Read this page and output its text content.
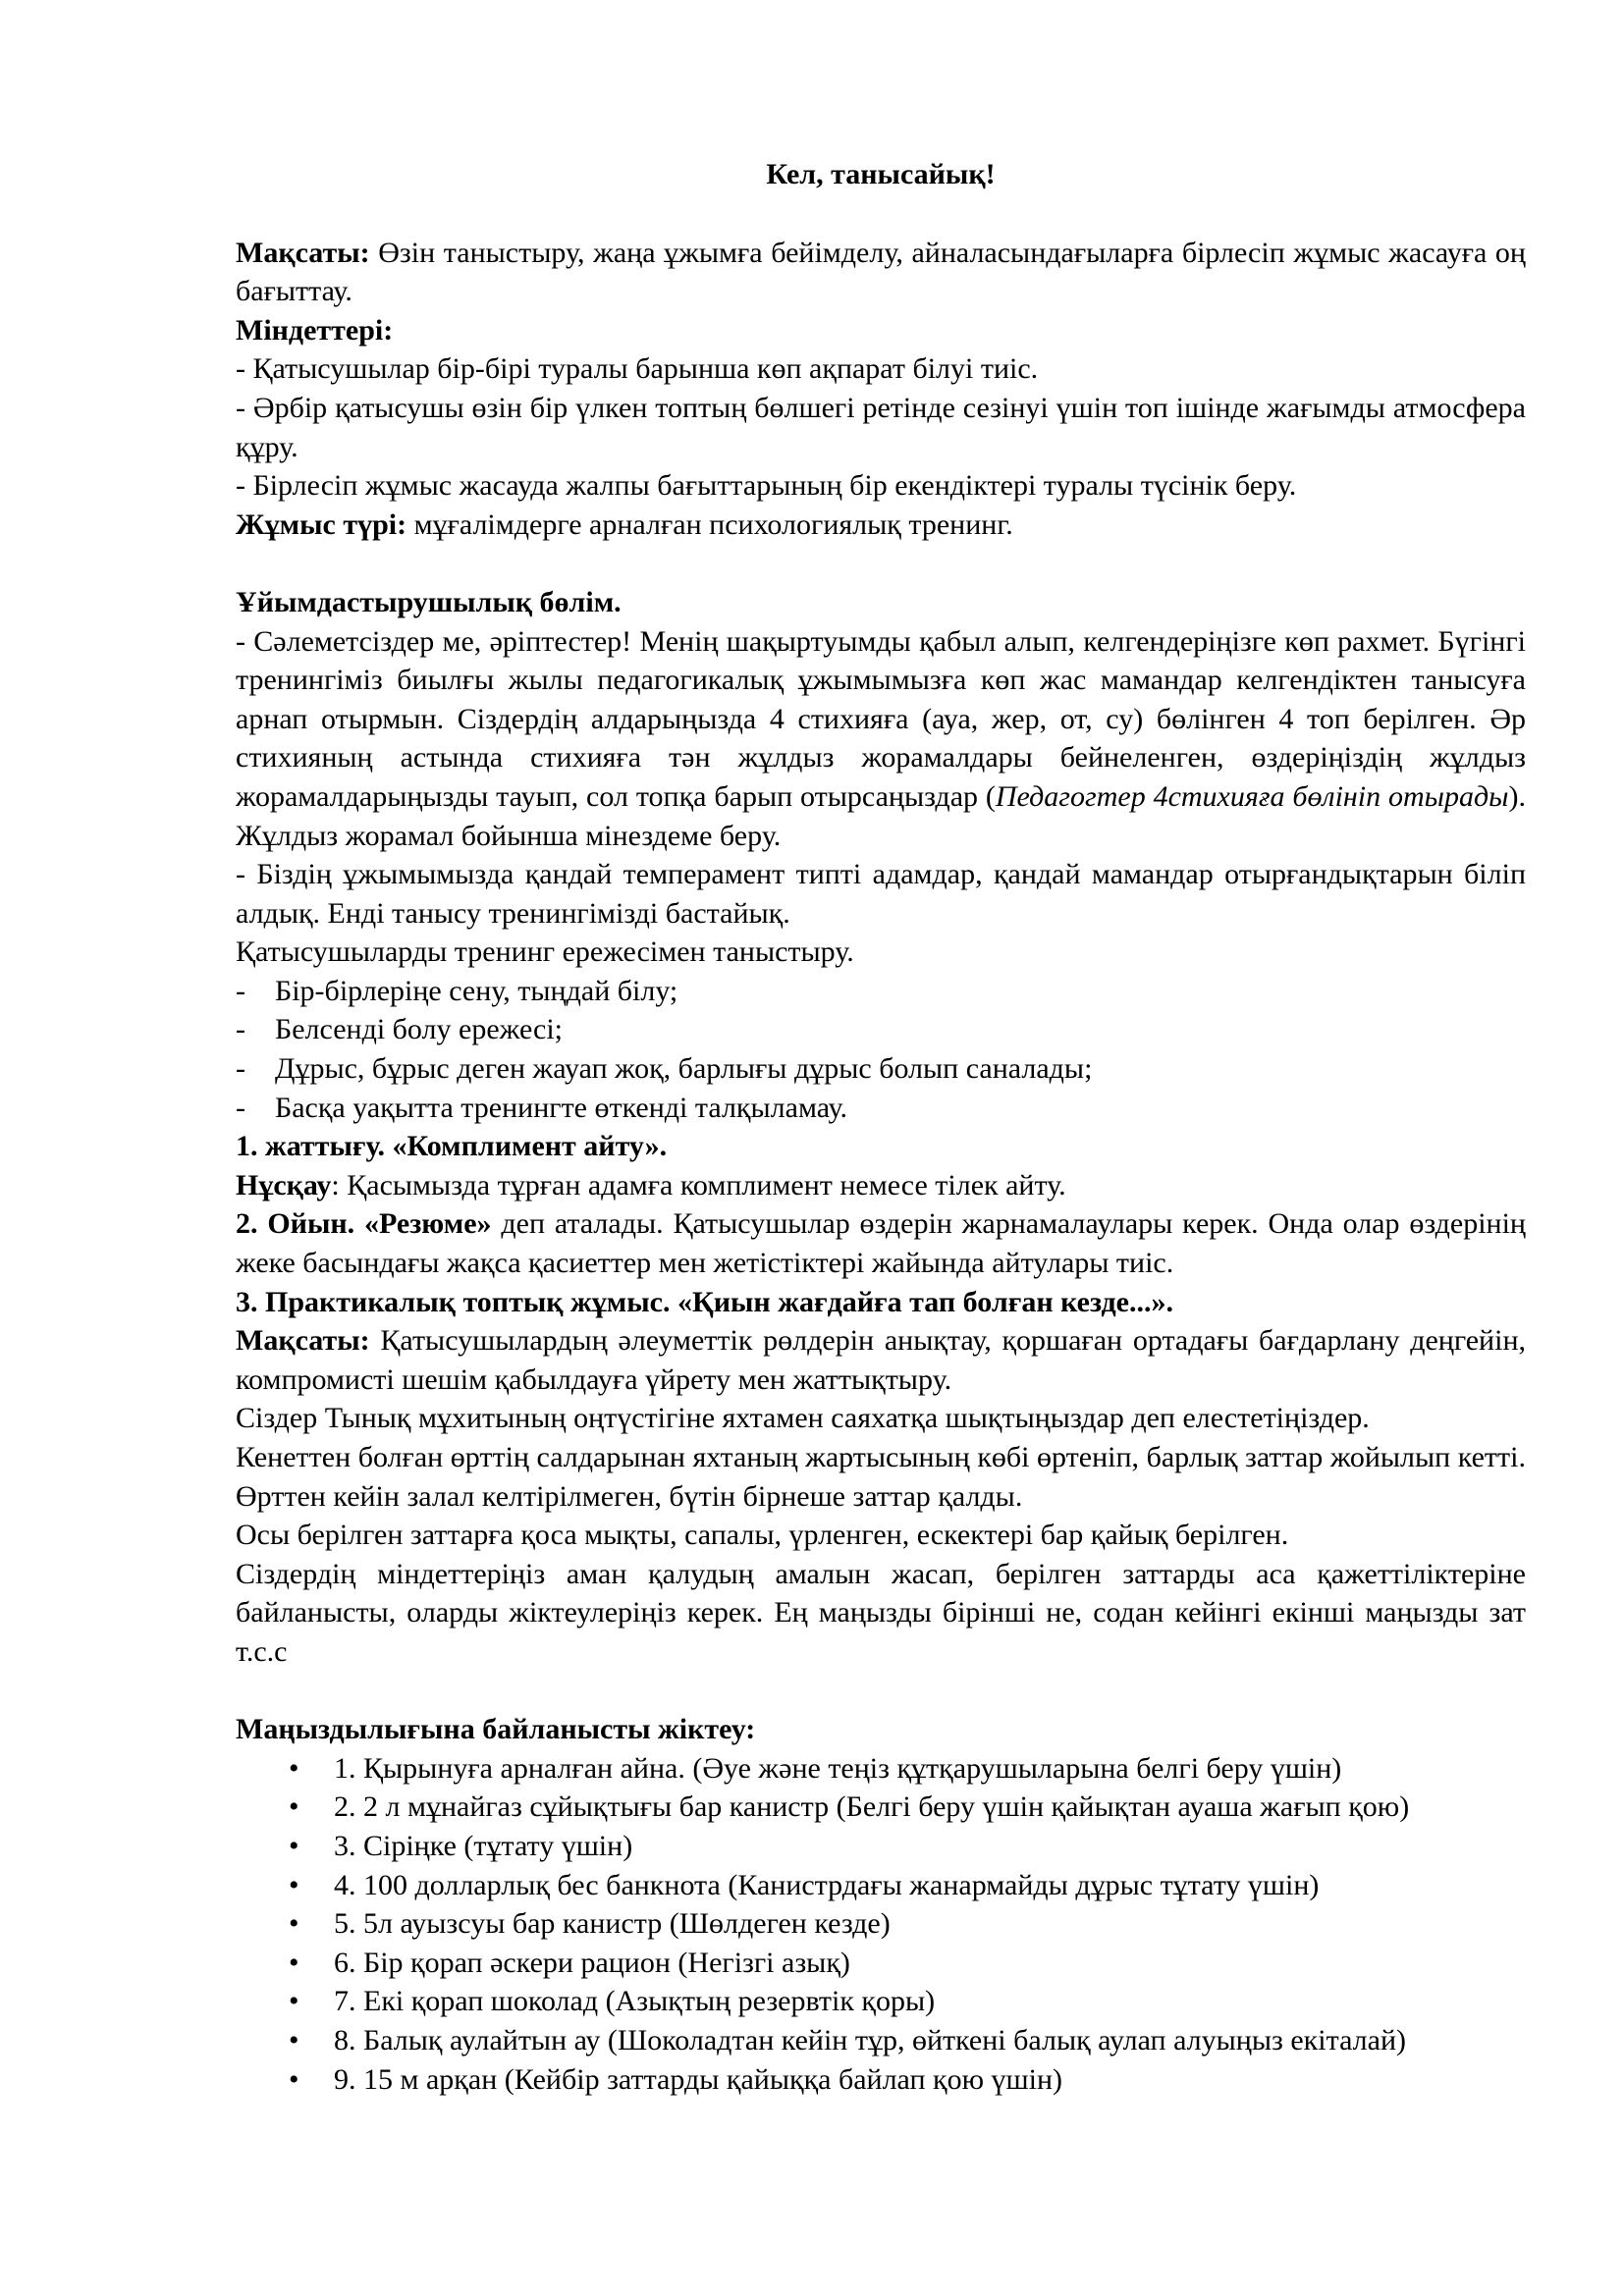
Кел, танысайық!

Мақсаты: Өзін таныстыру, жаңа ұжымға бейімделу, айналасындағыларға бірлесіп жұмыс жасауға оң бағыттау.

Міндеттері:

- Қатысушылар бір-бірі туралы барынша көп ақпарат білуі тиіс.

- Әрбір қатысушы өзін бір үлкен топтың бөлшегі ретінде сезінуі үшін топ ішінде жағымды атмосфера құру.

- Бірлесіп жұмыс жасауда жалпы бағыттарының бір екендіктері туралы түсінік беру.

Жұмыс түрі: мұғалімдерге арналған психологиялық тренинг.

Ұйымдастырушылық бөлім.

- Сәлеметсіздер ме, әріптестер! Менің шақыртуымды қабыл алып, келгендеріңізге көп рахмет. Бүгінгі тренингіміз биылғы жылы педагогикалық ұжымымызға көп жас мамандар келгендіктен танысуға арнап отырмын. Сіздердің алдарыңызда 4 стихияға (ауа, жер, от, су) бөлінген 4 топ берілген. Әр стихияның астында стихияға тән жұлдыз жорамалдары бейнеленген, өздеріңіздің жұлдыз жорамалдарыңызды тауып, сол топқа барып отырсаңыздар (Педагогтер 4стихияға бөлініп отырады). Жұлдыз жорамал бойынша мінездеме беру.

- Біздің ұжымымызда қандай темперамент типті адамдар, қандай мамандар отырғандықтарын біліп алдық. Енді танысу тренингімізді бастайық.

Қатысушыларды тренинг ережесімен таныстыру.

-	Бір-бірлеріңе сену, тыңдай білу;
-	Белсенді болу ережесі;
-	Дұрыс, бұрыс деген жауап жоқ, барлығы дұрыс болып саналады;
-	Басқа уақытта тренингте өткенді талқыламау.

1. жаттығу. «Комплимент айту».

Нұсқау: Қасымызда тұрған адамға комплимент немесе тілек айту.

2. Ойын. «Резюме» деп аталады. Қатысушылар өздерін жарнамалаулары керек. Онда олар өздерінің жеке басындағы жақса қасиеттер мен жетістіктері жайында айтулары тиіс.

3. Практикалық топтық жұмыс. «Қиын жағдайға тап болған кезде...».

Мақсаты: Қатысушылардың әлеуметтік рөлдерін анықтау, қоршаған ортадағы бағдарлану деңгейін, компромисті шешім қабылдауға үйрету мен жаттықтыру.

Сіздер Тынық мұхитының оңтүстігіне яхтамен саяхатқа шықтыңыздар деп елестетіңіздер.

Кенеттен болған өрттің салдарынан яхтаның жартысының көбі өртеніп, барлық заттар жойылып кетті. Өрттен кейін залал келтірілмеген, бүтін бірнеше заттар қалды.

Осы берілген заттарға қоса мықты, сапалы, үрленген, ескектері бар қайық берілген.

Сіздердің міндеттеріңіз аман қалудың амалын жасап, берілген заттарды аса қажеттіліктеріне байланысты, оларды жіктеулеріңіз керек. Ең маңызды бірінші не, содан кейінгі екінші маңызды зат т.с.с

Маңыздылығына байланысты жіктеу:

•	1. Қырынуға арналған айна. (Әуе және теңіз құтқарушыларына белгі беру үшін)
•	2. 2 л мұнайгаз сұйықтығы бар канистр (Белгі беру үшін қайықтан ауаша жағып қою)
•	3. Сіріңке (тұтату үшін)
•	4. 100 долларлық бес банкнота (Канистрдағы жанармайды дұрыс тұтату үшін)
•	5. 5л ауызсуы бар канистр (Шөлдеген кезде)
•	6. Бір қорап әскери рацион (Негізгі азық)
•	7. Екі қорап шоколад (Азықтың резервтік қоры)
•	8. Балық аулайтын ау (Шоколадтан кейін тұр, өйткені балық аулап алуыңыз екіталай)
•	9. 15 м арқан (Кейбір заттарды қайыққа байлап қою үшін)
